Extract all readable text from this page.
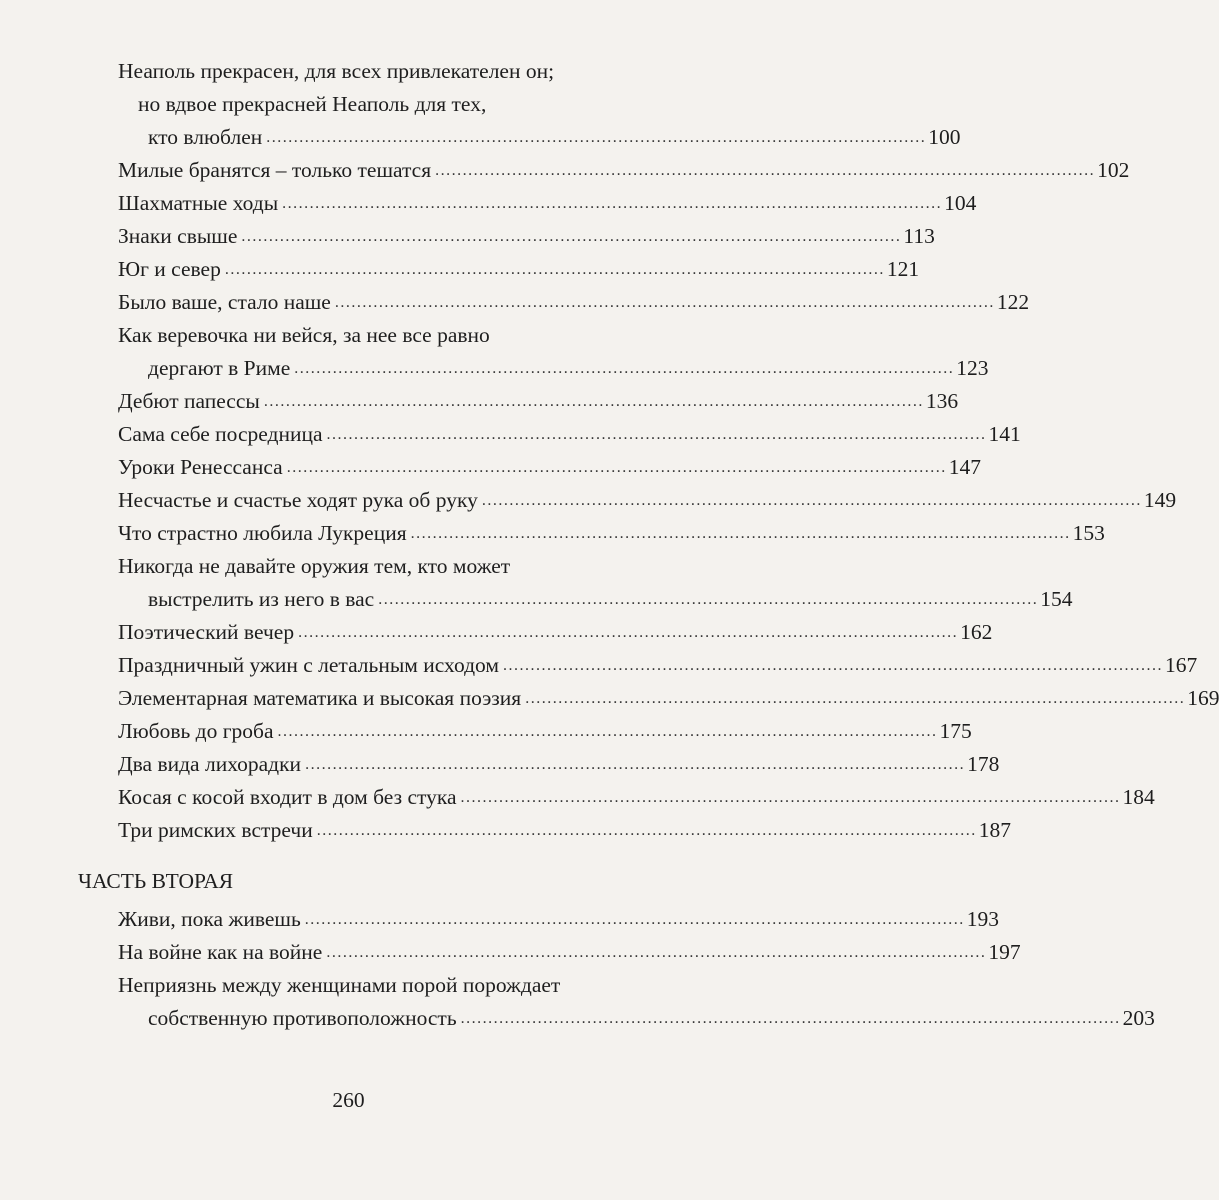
Неаполь прекрасен, для всех привлекателен он;
но вдвое прекрасней Неаполь для тех,
кто влюблен ........................................................................................................................ 100
Милые бранятся – только тешатся ........................................................................................................................ 102
Шахматные ходы ........................................................................................................................ 104
Знаки свыше ........................................................................................................................ 113
Юг и север ........................................................................................................................ 121
Было ваше, стало наше ........................................................................................................................ 122
Как веревочка ни вейся, за нее все равно
дергают в Риме ........................................................................................................................ 123
Дебют папессы ........................................................................................................................ 136
Сама себе посредница ........................................................................................................................ 141
Уроки Ренессанса ........................................................................................................................ 147
Несчастье и счастье ходят рука об руку ........................................................................................................................ 149
Что страстно любила Лукреция ........................................................................................................................ 153
Никогда не давайте оружия тем, кто может
выстрелить из него в вас ........................................................................................................................ 154
Поэтический вечер ........................................................................................................................ 162
Праздничный ужин с летальным исходом ........................................................................................................................ 167
Элементарная математика и высокая поэзия ........................................................................................................................ 169
Любовь до гроба ........................................................................................................................ 175
Два вида лихорадки ........................................................................................................................ 178
Косая с косой входит в дом без стука ........................................................................................................................ 184
Три римских встречи ........................................................................................................................ 187
ЧАСТЬ ВТОРАЯ
Живи, пока живешь ........................................................................................................................ 193
На войне как на войне ........................................................................................................................ 197
Неприязнь между женщинами порой порождает
собственную противоположность ........................................................................................................................ 203
260
